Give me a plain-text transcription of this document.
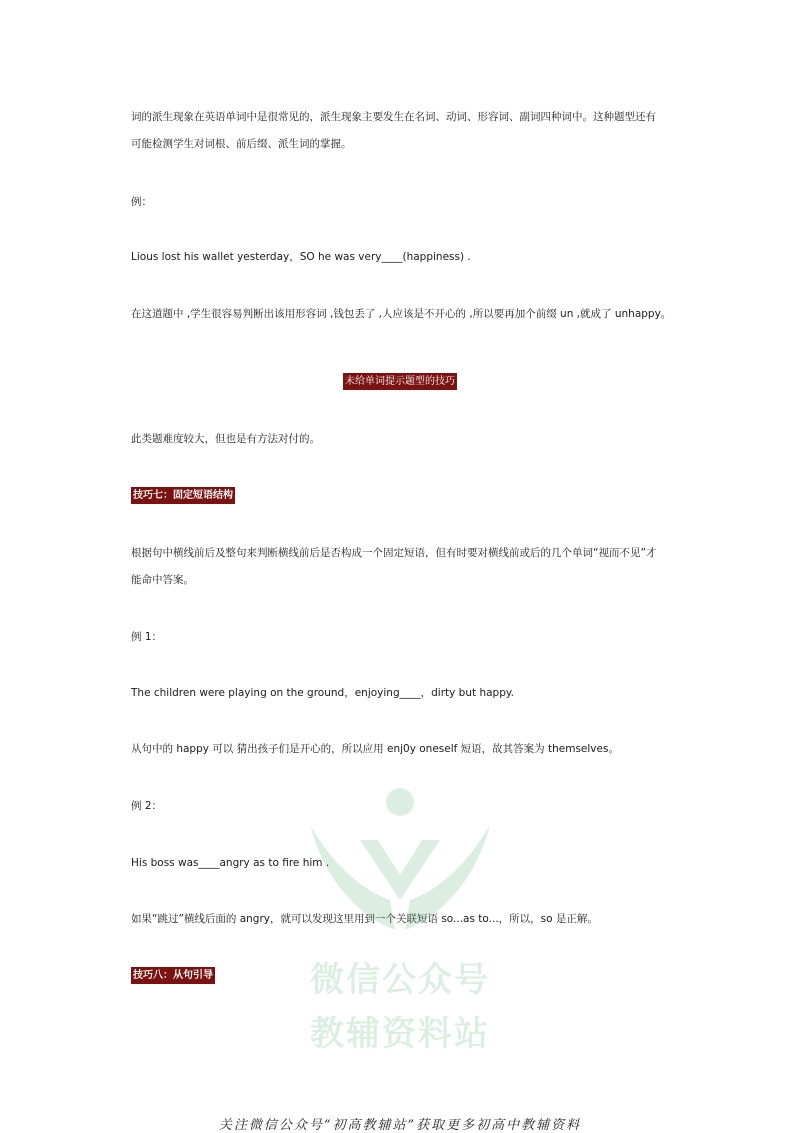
词的派生现象在英语单词中是很常见的，派生现象主要发生在名词、动词、形容词、副词四种词中。这种题型还有

可能检测学生对词根、前后缀、派生词的掌握。

例：

Lious lost his wallet yesterday，SO he was very____(happiness) .

在这道题中 ,学生很容易判断出该用形容词 ,钱包丢了 ,人应该是不开心的 ,所以要再加个前缀 un ,就成了 unhappy。

未给单词提示题型的技巧

此类题难度较大，但也是有方法对付的。

技巧七：固定短语结构

根据句中横线前后及整句来判断横线前后是否构成一个固定短语，但有时要对横线前或后的几个单词“视而不见”才

能命中答案。

例 1：

The children were playing on the ground，enjoying____，dirty but happy.

从句中的 happy 可以 猜出孩子们是开心的，所以应用 enj0y oneself 短语，故其答案为 themselves。

例 2：

His boss was____angry as to fire him .

如果“跳过”横线后面的 angry，就可以发现这里用到一个关联短语 so...as to...，所以，so 是正解。

技巧八：从句引导	微信公众号
教辅资料站
关注微信公众号“初高教辅站”获取更多初高中教辅资料
